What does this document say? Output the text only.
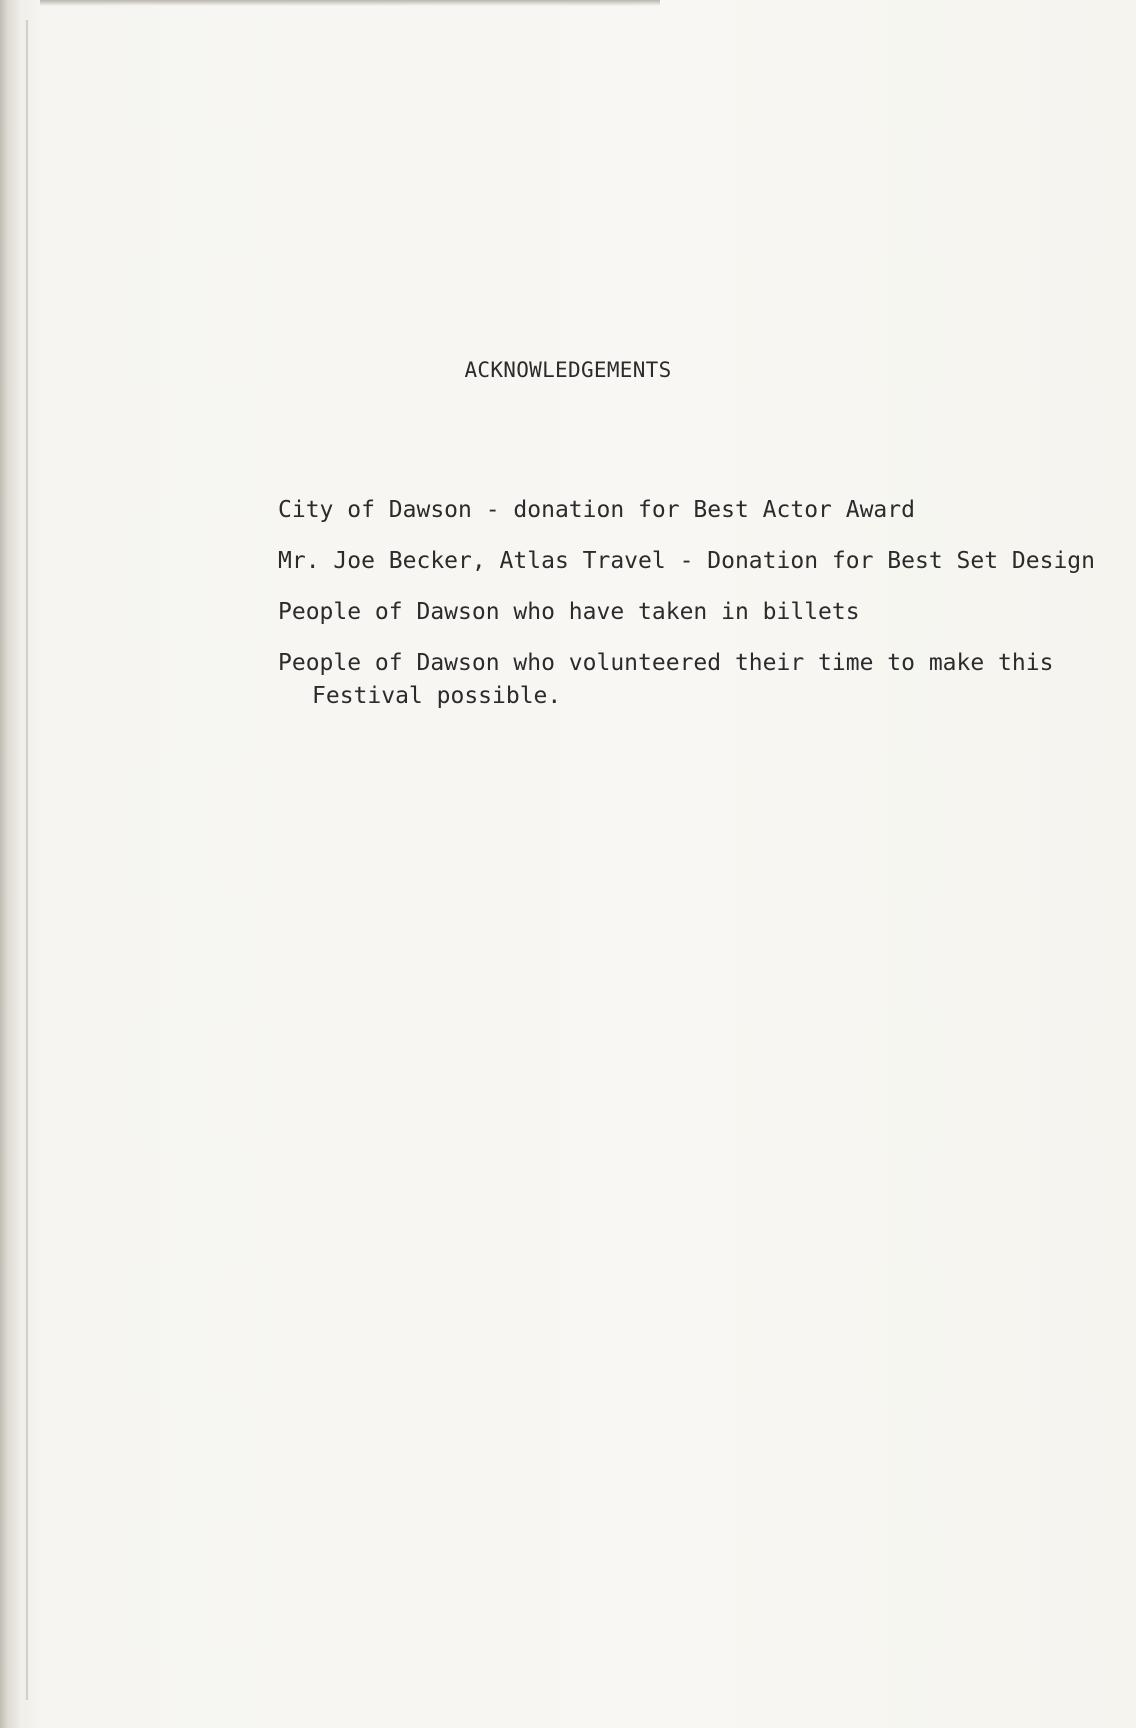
ACKNOWLEDGEMENTS
City of Dawson - donation for Best Actor Award
Mr. Joe Becker, Atlas Travel - Donation for Best Set Design
People of Dawson who have taken in billets
People of Dawson who volunteered their time to make this Festival possible.
